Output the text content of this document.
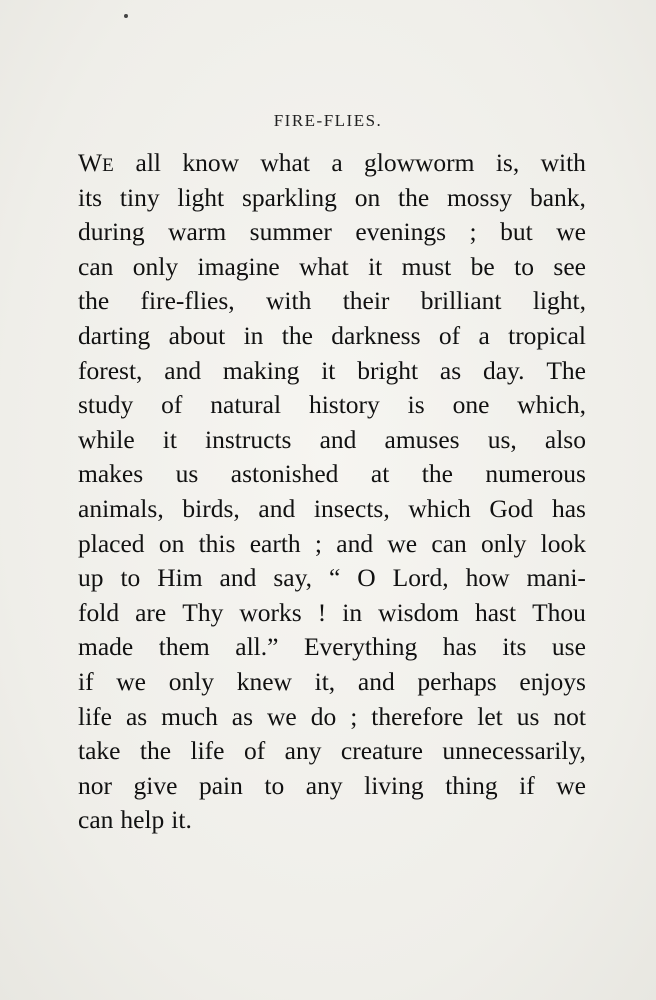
FIRE-FLIES.
WE all know what a glowworm is, with
its tiny light sparkling on the mossy bank,
during warm summer evenings ; but we
can only imagine what it must be to see
the fire-flies, with their brilliant light,
darting about in the darkness of a tropical
forest, and making it bright as day. The
study of natural history is one which,
while it instructs and amuses us, also
makes us astonished at the numerous
animals, birds, and insects, which God has
placed on this earth ; and we can only look
up to Him and say, “ O Lord, how mani-
fold are Thy works ! in wisdom hast Thou
made them all.” Everything has its use
if we only knew it, and perhaps enjoys
life as much as we do ; therefore let us not
take the life of any creature unnecessarily,
nor give pain to any living thing if we
can help it.
